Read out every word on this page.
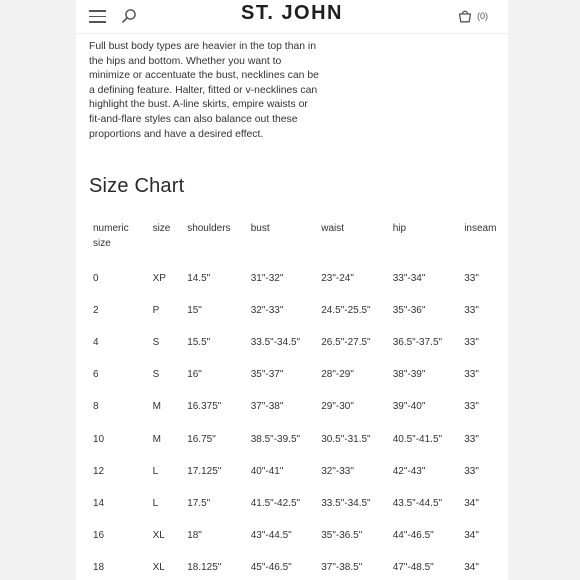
ST. JOHN	(0)

Full bust body types are heavier in the top than in the hips and bottom. Whether you want to minimize or accentuate the bust, necklines can be a defining feature. Halter, fitted or v-necklines can highlight the bust. A-line skirts, empire waists or fit-and-flare styles can also balance out these proportions and have a desired effect.

Size Chart
numeric size	size	shoulders	bust	waist	hip	inseam
0	XP	14.5"	31"-32"	23"-24"	33"-34"	33"
2	P	15"	32"-33"	24.5"-25.5"	35"-36"	33"
4	S	15.5"	33.5"-34.5"	26.5"-27.5"	36.5"-37.5"	33"
6	S	16"	35"-37"	28"-29"	38"-39"	33"
8	M	16.375"	37"-38"	29"-30"	39"-40"	33"
10	M	16.75"	38.5"-39.5"	30.5"-31.5"	40.5"-41.5"	33"
12	L	17.125"	40"-41"	32"-33"	42"-43"	33"
14	L	17.5"	41.5"-42.5"	33.5"-34.5"	43.5"-44.5"	34"
16	XL	18"	43"-44.5"	35"-36.5"	44"-46.5"	34"
18	XL	18.125"	45"-46.5"	37"-38.5"	47"-48.5"	34"
